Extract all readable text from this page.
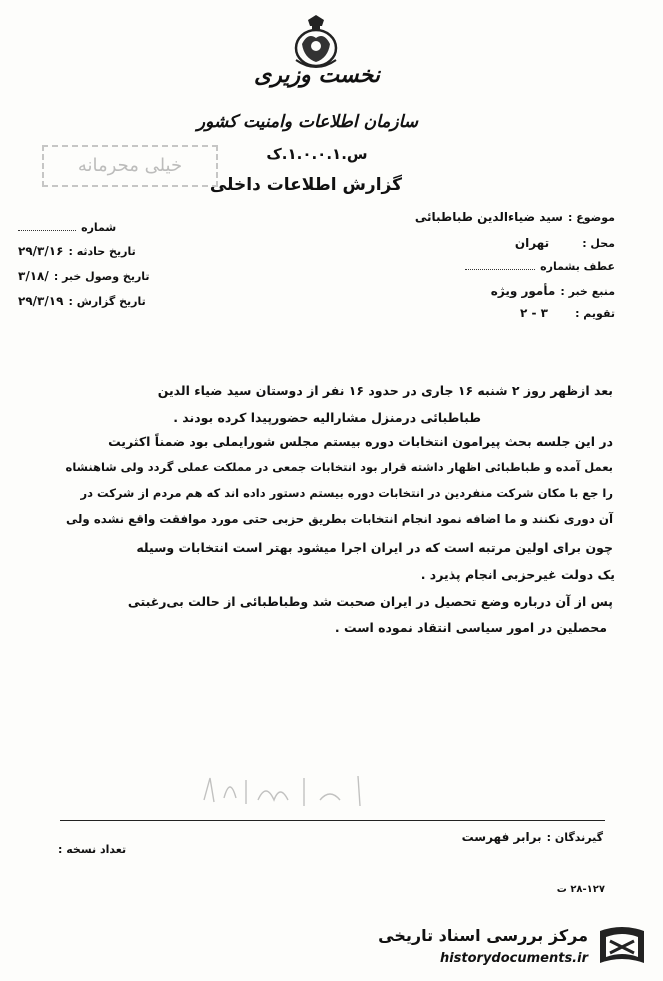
نخست وزیری
سازمان اطلاعات وامنیت کشور
س.۱.۰.۰.۱.ک
گزارش اطلاعات داخلی
خیلی محرمانه
موضوع : سید ضیاءالدین طباطبائی
محل : تهران
عطف بشماره
منبع خبر : مأمور ویژه
تقویم : ۳ - ۲
شماره
تاریخ حادثه : ۲۹/۳/۱۶
تاریخ وصول خبر : /۳/۱۸
تاریخ گزارش : ۲۹/۳/۱۹
بعد ازظهر روز ۲ شنبه ۱۶ جاری در حدود ۱۶ نفر از دوستان سید ضیاء الدین
طباطبائی درمنزل مشارالیه حضورپیدا کرده بودند .
در این جلسه بحث پیرامون انتخابات دوره بیستم مجلس شورایملی بود ضمناً اکثریت
بعمل آمده و طباطبائی اظهار داشته قرار بود انتخابات جمعی در مملکت عملی گردد ولی شاهنشاه
را جع با مکان شرکت منفردین در انتخابات دوره بیستم دستور داده اند که هم مردم از شرکت در
آن دوری نکنند و ما اضافه نمود انجام انتخابات بطریق حزبی حتی مورد موافقت واقع نشده ولی
چون برای اولین مرتبه است که در ایران اجرا میشود بهتر است انتخابات وسیله
یک دولت غیرحزبی انجام پذیرد .
پس از آن درباره وضع تحصیل در ایران صحبت شد وطباطبائی از حالت بی‌رغبتی
محصلین در امور سیاسی انتقاد نموده است .
گیرندگان : برابر فهرست
تعداد نسخه :
۲۸-۱۲۷ ت
مرکز بررسی اسناد تاریخی
historydocuments.ir
